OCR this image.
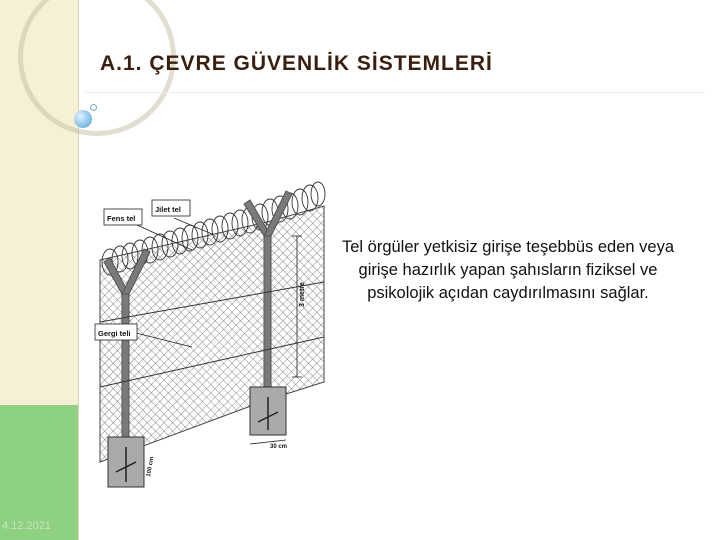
4.12.2021
A.1. ÇEVRE GÜVENLİK SİSTEMLERİ
3 metre
30 cm
100 cm
Fens tel
Jilet tel
Gergi teli
Tel örgüler yetkisiz girişe teşebbüs eden veya girişe hazırlık yapan şahısların fiziksel ve psikolojik açıdan caydırılmasını sağlar.
